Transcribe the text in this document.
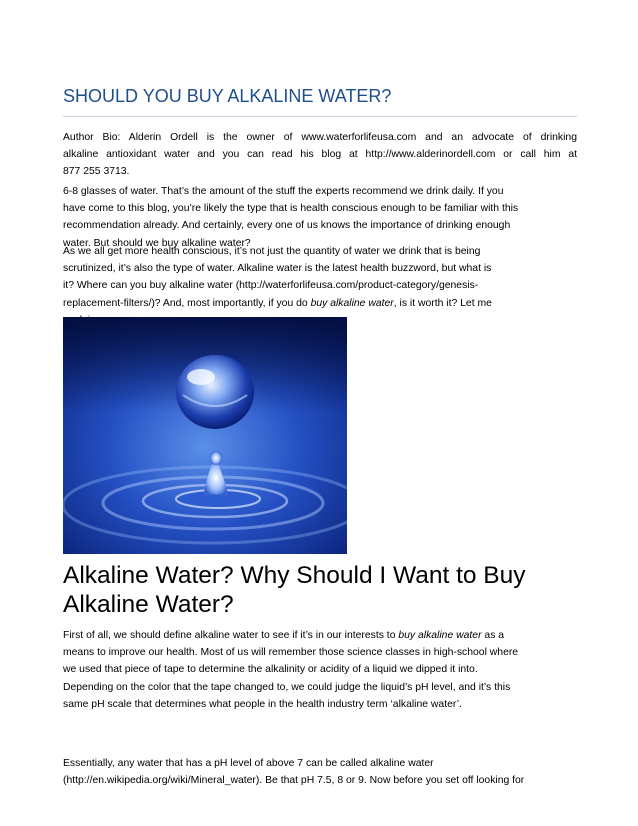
SHOULD YOU BUY ALKALINE WATER?

Author Bio: Alderin Ordell is the owner of www.waterforlifeusa.com and an advocate of drinking
alkaline antioxidant water and you can read his blog at http://www.alderinordell.com or call him at
877 255 3713.

6-8 glasses of water. That’s the amount of the stuff the experts recommend we drink daily. If you
have come to this blog, you’re likely the type that is health conscious enough to be familiar with this
recommendation already. And certainly, every one of us knows the importance of drinking enough
water. But should we buy alkaline water?

As we all get more health conscious, it’s not just the quantity of water we drink that is being
scrutinized, it’s also the type of water. Alkaline water is the latest health buzzword, but what is
it? Where can you buy alkaline water (http://waterforlifeusa.com/product-category/genesis-
replacement-filters/)? And, most importantly, if you do buy alkaline water, is it worth it? Let me

Alkaline Water? Why Should I Want to Buy
Alkaline Water?

First of all, we should define alkaline water to see if it’s in our interests to buy alkaline water as a
means to improve our health. Most of us will remember those science classes in high-school where
we used that piece of tape to determine the alkalinity or acidity of a liquid we dipped it into.
Depending on the color that the tape changed to, we could judge the liquid’s pH level, and it’s this
same pH scale that determines what people in the health industry term ‘alkaline water’.

Essentially, any water that has a pH level of above 7 can be called alkaline water
(http://en.wikipedia.org/wiki/Mineral_water). Be that pH 7.5, 8 or 9. Now before you set off looking for
